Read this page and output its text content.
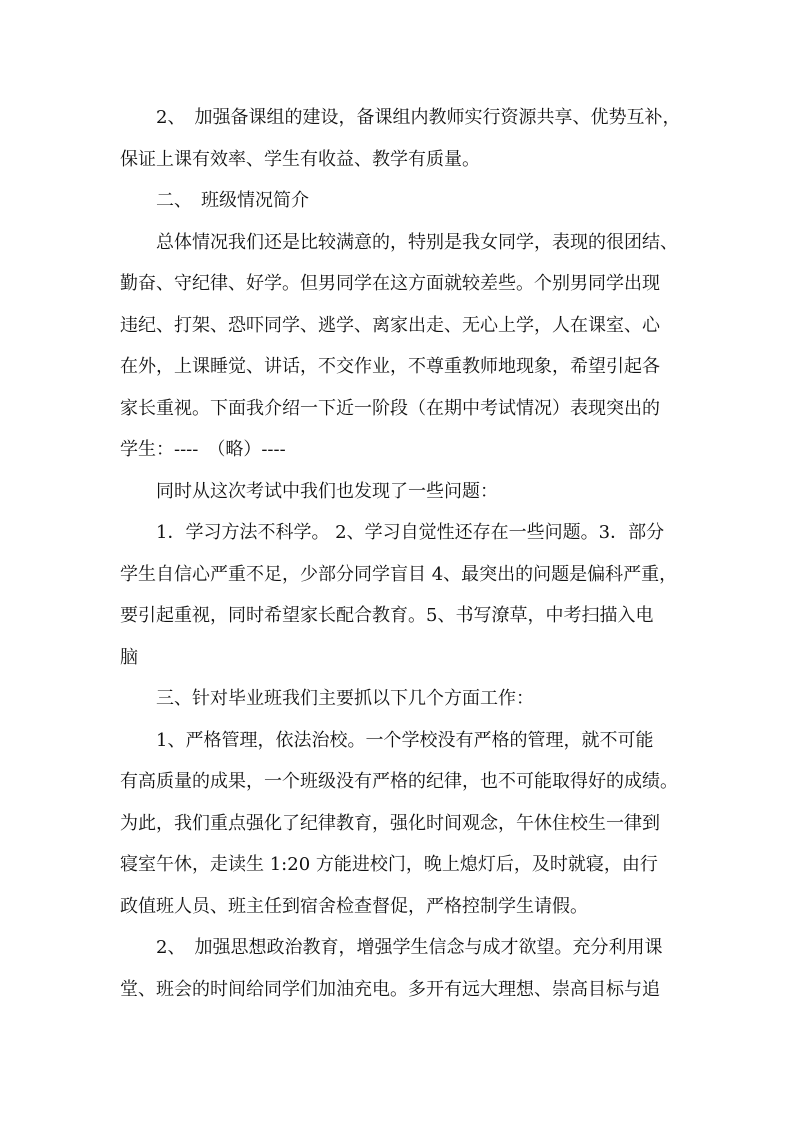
2、　加强备课组的建设，备课组内教师实行资源共享、优势互补，
保证上课有效率、学生有收益、教学有质量。
二、　班级情况简介
总体情况我们还是比较满意的，特别是我女同学，表现的很团结、
勤奋、守纪律、好学。但男同学在这方面就较差些。个别男同学出现
违纪、打架、恐吓同学、逃学、离家出走、无心上学，人在课室、心
在外，上课睡觉、讲话，不交作业，不尊重教师地现象，希望引起各
家长重视。下面我介绍一下近一阶段（在期中考试情况）表现突出的
学生：----　（略）----
同时从这次考试中我们也发现了一些问题：
1．学习方法不科学。 2、学习自觉性还存在一些问题。3．部分
学生自信心严重不足，少部分同学盲目 4、最突出的问题是偏科严重，
要引起重视，同时希望家长配合教育。5、书写潦草，中考扫描入电
脑
三、针对毕业班我们主要抓以下几个方面工作：
1、严格管理，依法治校。一个学校没有严格的管理，就不可能
有高质量的成果，一个班级没有严格的纪律，也不可能取得好的成绩。
为此，我们重点强化了纪律教育，强化时间观念，午休住校生一律到
寝室午休，走读生 1:20 方能进校门，晚上熄灯后，及时就寝，由行
政值班人员、班主任到宿舍检查督促，严格控制学生请假。
2、　加强思想政治教育，增强学生信念与成才欲望。充分利用课
堂、班会的时间给同学们加油充电。多开有远大理想、崇高目标与追
